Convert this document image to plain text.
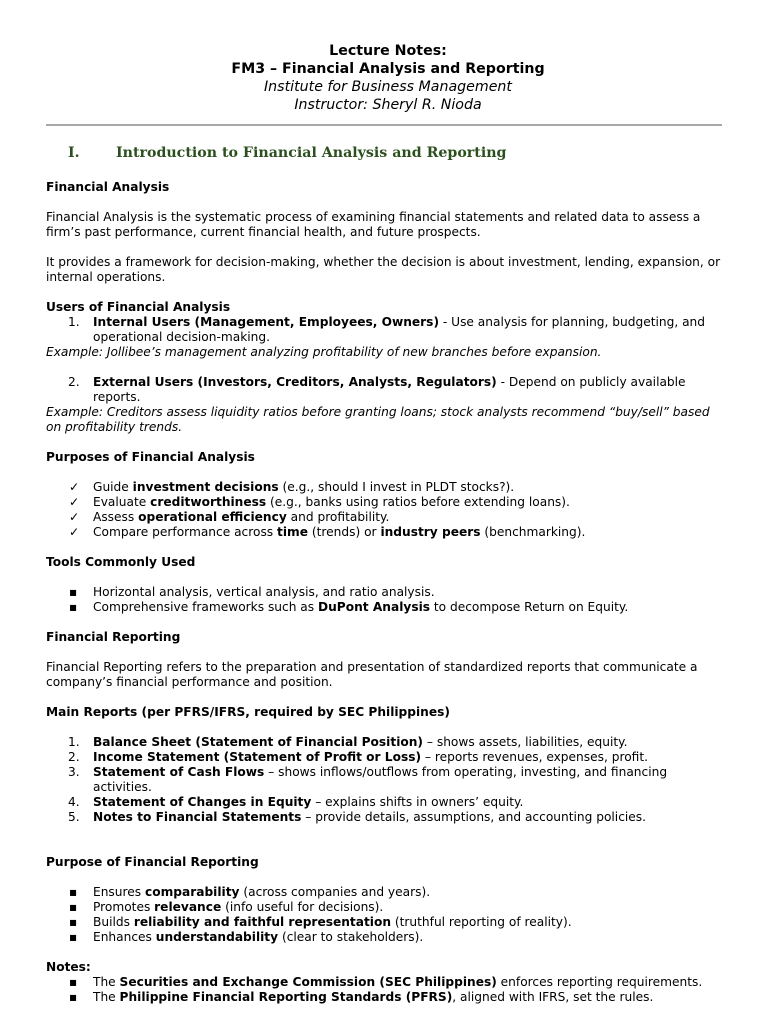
Lecture Notes:
FM3 – Financial Analysis and Reporting
Institute for Business Management
Instructor: Sheryl R. Nioda
I.	Introduction to Financial Analysis and Reporting

Financial Analysis

Financial Analysis is the systematic process of examining financial statements and related data to assess a firm’s past performance, current financial health, and future prospects.

It provides a framework for decision-making, whether the decision is about investment, lending, expansion, or internal operations.

Users of Financial Analysis

1.	Internal Users (Management, Employees, Owners) - Use analysis for planning, budgeting, and operational decision-making.

Example: Jollibee’s management analyzing profitability of new branches before expansion.

2.	External Users (Investors, Creditors, Analysts, Regulators) - Depend on publicly available reports.

Example: Creditors assess liquidity ratios before granting loans; stock analysts recommend “buy/sell” based on profitability trends.

Purposes of Financial Analysis

✓	Guide investment decisions (e.g., should I invest in PLDT stocks?).
✓	Evaluate creditworthiness (e.g., banks using ratios before extending loans).
✓	Assess operational efficiency and profitability.
✓	Compare performance across time (trends) or industry peers (benchmarking).

Tools Commonly Used

▪	Horizontal analysis, vertical analysis, and ratio analysis.
▪	Comprehensive frameworks such as DuPont Analysis to decompose Return on Equity.

Financial Reporting

Financial Reporting refers to the preparation and presentation of standardized reports that communicate a company’s financial performance and position.

Main Reports (per PFRS/IFRS, required by SEC Philippines)

1.	Balance Sheet (Statement of Financial Position) – shows assets, liabilities, equity.
2.	Income Statement (Statement of Profit or Loss) – reports revenues, expenses, profit.
3.	Statement of Cash Flows – shows inflows/outflows from operating, investing, and financing activities.
4.	Statement of Changes in Equity – explains shifts in owners’ equity.
5.	Notes to Financial Statements – provide details, assumptions, and accounting policies.

Purpose of Financial Reporting

▪	Ensures comparability (across companies and years).
▪	Promotes relevance (info useful for decisions).
▪	Builds reliability and faithful representation (truthful reporting of reality).
▪	Enhances understandability (clear to stakeholders).

Notes:

▪	The Securities and Exchange Commission (SEC Philippines) enforces reporting requirements.
▪	The Philippine Financial Reporting Standards (PFRS), aligned with IFRS, set the rules.
